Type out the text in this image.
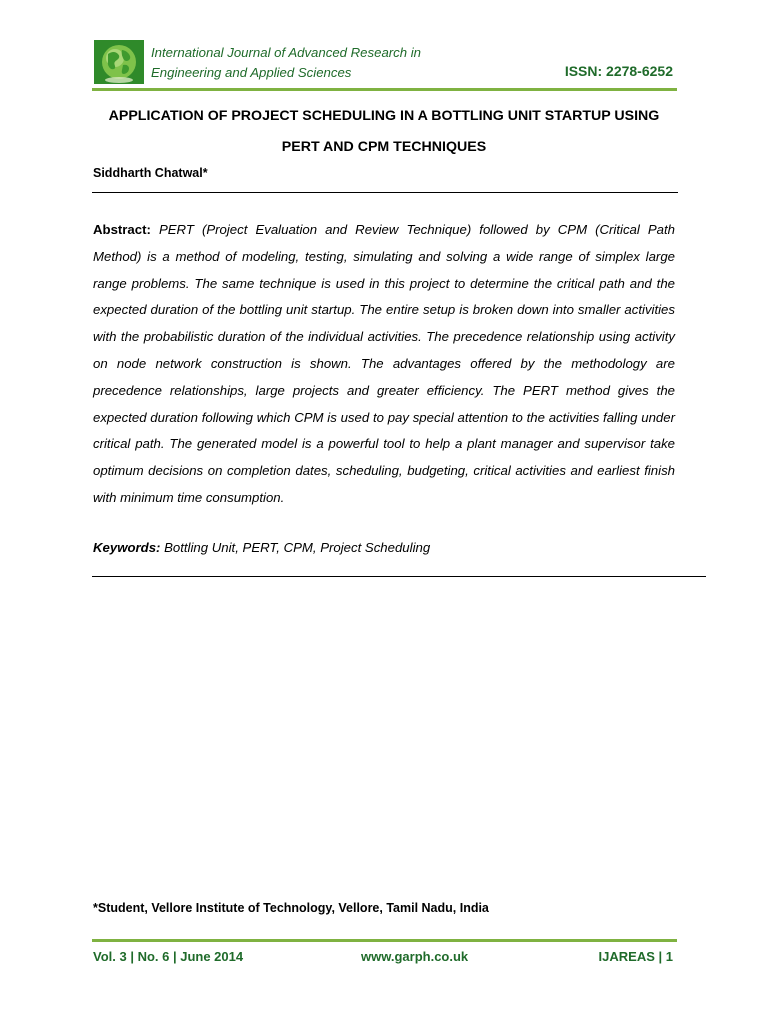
International Journal of Advanced Research in
Engineering and Applied Sciences	ISSN: 2278-6252
APPLICATION OF PROJECT SCHEDULING IN A BOTTLING UNIT STARTUP USING
PERT AND CPM TECHNIQUES
Siddharth Chatwal*

Abstract: PERT (Project Evaluation and Review Technique) followed by CPM (Critical Path Method) is a method of modeling, testing, simulating and solving a wide range of simplex large range problems. The same technique is used in this project to determine the critical path and the expected duration of the bottling unit startup. The entire setup is broken down into smaller activities with the probabilistic duration of the individual activities. The precedence relationship using activity on node network construction is shown. The advantages offered by the methodology are precedence relationships, large projects and greater efficiency. The PERT method gives the expected duration following which CPM is used to pay special attention to the activities falling under critical path. The generated model is a powerful tool to help a plant manager and supervisor take optimum decisions on completion dates, scheduling, budgeting, critical activities and earliest finish with minimum time consumption.

Keywords: Bottling Unit, PERT, CPM, Project Scheduling
*Student, Vellore Institute of Technology, Vellore, Tamil Nadu, India
Vol. 3 | No. 6 | June 2014	www.garph.co.uk	IJAREAS | 1
